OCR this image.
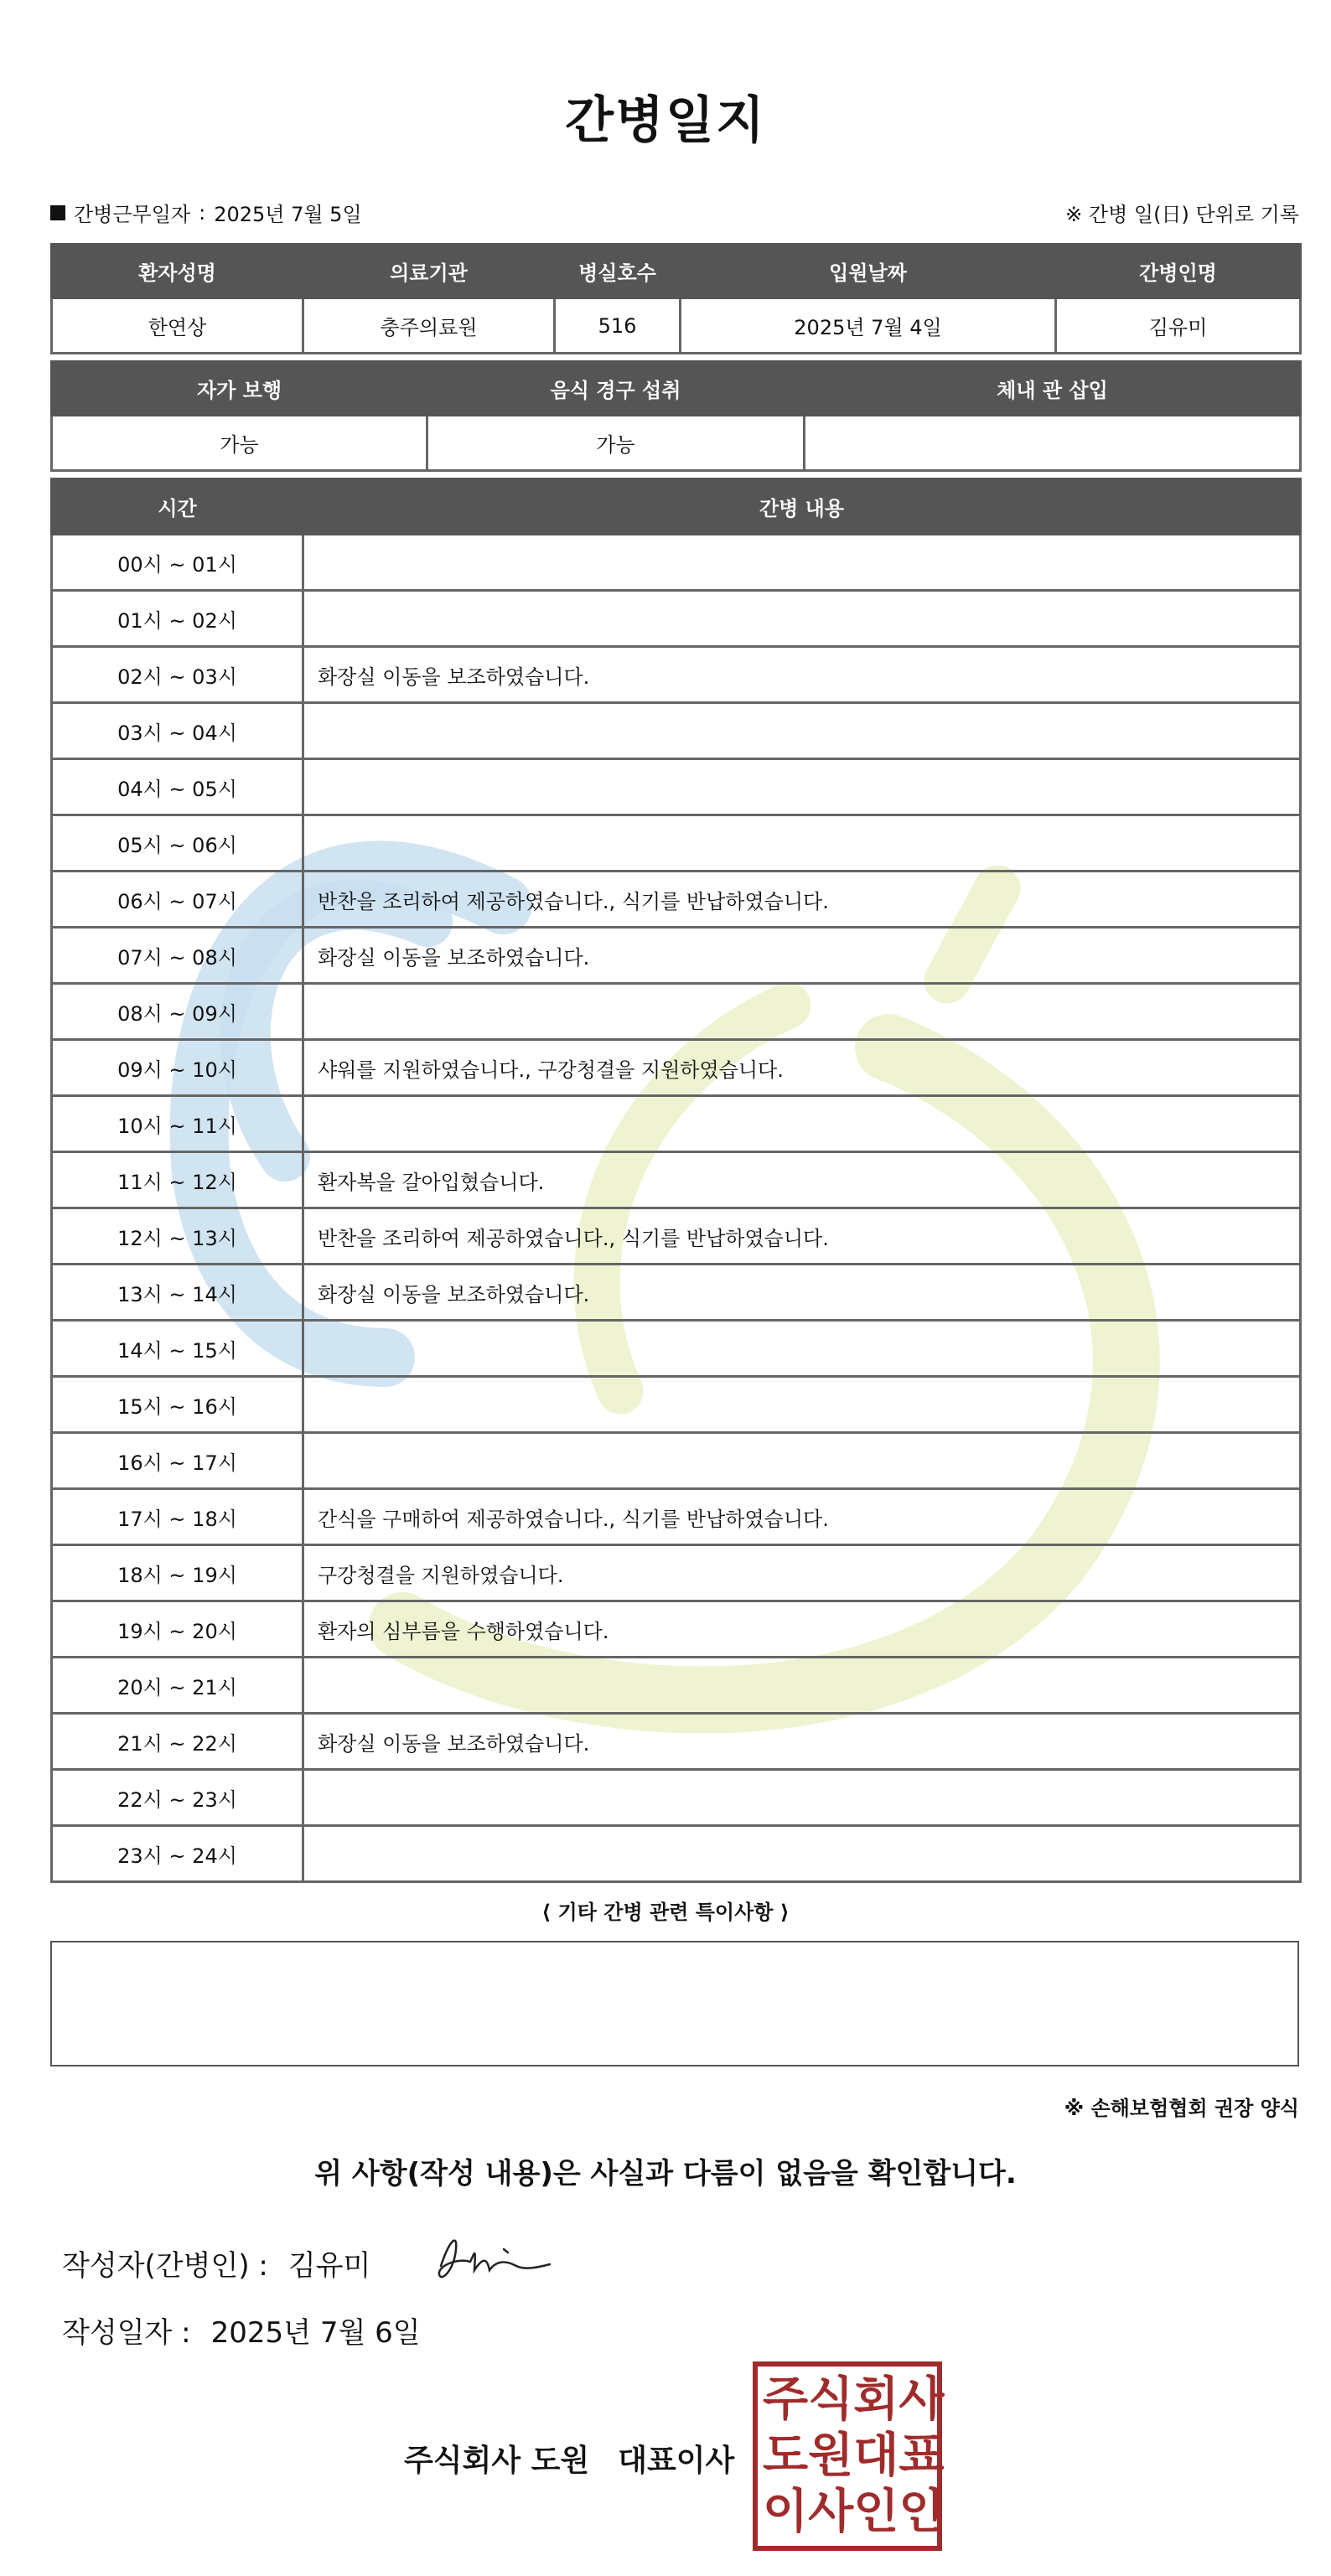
간병일지
간병근무일자 : 2025년 7월 5일	※ 간병 일(日) 단위로 기록
환자성명	의료기관	병실호수	입원날짜	간병인명
한연상	충주의료원	516	2025년 7월 4일	김유미
자가 보행	음식 경구 섭취	체내 관 삽입
가능	가능	
시간	간병 내용
00시 ~ 01시	
01시 ~ 02시	
02시 ~ 03시	화장실 이동을 보조하였습니다.
03시 ~ 04시	
04시 ~ 05시	
05시 ~ 06시	
06시 ~ 07시	반찬을 조리하여 제공하였습니다., 식기를 반납하였습니다.
07시 ~ 08시	화장실 이동을 보조하였습니다.
08시 ~ 09시	
09시 ~ 10시	샤워를 지원하였습니다., 구강청결을 지원하였습니다.
10시 ~ 11시	
11시 ~ 12시	환자복을 갈아입혔습니다.
12시 ~ 13시	반찬을 조리하여 제공하였습니다., 식기를 반납하였습니다.
13시 ~ 14시	화장실 이동을 보조하였습니다.
14시 ~ 15시	
15시 ~ 16시	
16시 ~ 17시	
17시 ~ 18시	간식을 구매하여 제공하였습니다., 식기를 반납하였습니다.
18시 ~ 19시	구강청결을 지원하였습니다.
19시 ~ 20시	환자의 심부름을 수행하였습니다.
20시 ~ 21시	
21시 ~ 22시	화장실 이동을 보조하였습니다.
22시 ~ 23시	
23시 ~ 24시	
⟨ 기타 간병 관련 특이사항 ⟩
※ 손해보험협회 권장 양식
위 사항(작성 내용)은 사실과 다름이 없음을 확인합니다.
작성자(간병인) : 김유미
작성일자 : 2025년 7월 6일
주식회사 도원 대표이사
주 식 회 사
도 원 대 표
이 사 인 인
